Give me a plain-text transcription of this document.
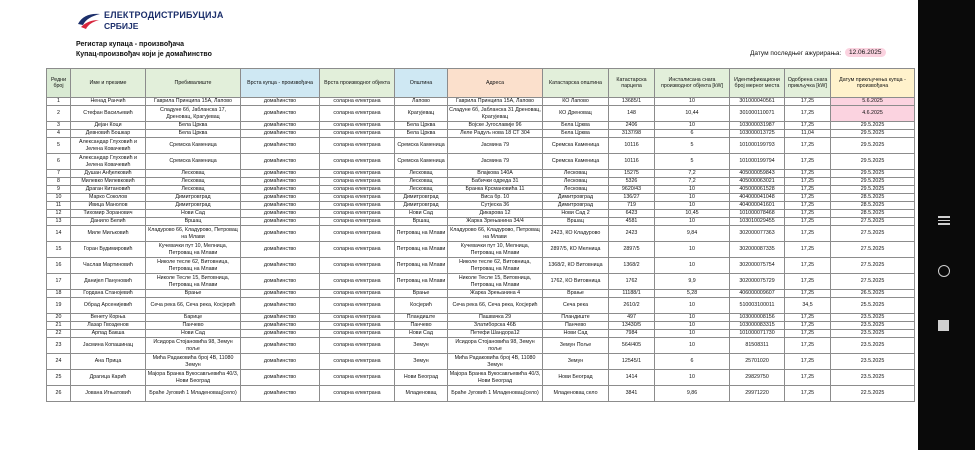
ЕЛЕКТРОДИСТРИБУЦИЈА
СРБИЈЕ
Регистар купаца - произвођача
Купац-произвођач који је домаћинство	Датум последњег ажурирања:	12.06.2025
Редни број	Име и презиме	Пребивалиште	Врста купца - произвођача	Врста производног објекта	Општина	Адреса	Катастарска општина	Катастарска парцела	Инсталисана снага производног објекта [kW]	Идентификациони број мерног места	Одобрена снага прикључка [kW]	Датум прикључења купца - произвођача
1	Ненад Ранчић	Гаврила Принципа 15А, Лапово	домаћинство	соларна електрана	Лапово	Гаврила Принципа 15А, Лапово	КО Лапово	13685/1	10	301000040561	17,25	5.6.2025
2	Стефан Васиљевић	Сладуне 6б, Јабланска 17, Дреновац, Крагујевац	домаћинство	соларна електрана	Крагујевац	Сладуне 6б, Јабланска 31 Дреновац, Крагујевац	КО Дреновац	148	10,44	301000110071	17,25	4.6.2025
3	Дејан Коци	Бела Црква	домаћинство	соларна електрана	Бела Црква	Војске Југославије 96	Бела Црква	2406	10	103000031987	17,25	29.5.2025
4	Девновић Бошкар	Бела Црква	домаћинство	соларна електрана	Бела Црква	Леле Радуљ нова 18 СТ 304	Бела Црква	3137/98	6	103000013725	11,04	29.5.2025
5	Александар Глуховић и Јелена Ковачевић	Сремска Каменица	домаћинство	соларна електрана	Сремска Каменица	Јасмина 79	Сремска Каменица	10116	5	101000199793	17,25	29.5.2025
6	Александар Глуховић и Јелена Ковачевић	Сремска Каменица	домаћинство	соларна електрана	Сремска Каменица	Јасмина 79	Сремска Каменица	10116	5	101000199794	17,25	29.5.2025
7	Душан Анђелковић	Лесковац	домаћинство	соларна електрана	Лесковац	Влајкова 140А	Лесковац	15275	7,2	405000059843	17,25	29.5.2025
8	Милевко Милевковић	Лесковац	домаћинство	соларна електрана	Лесковац	Бабички одреда 31	Лесковац	5326	7,2	405000063021	17,25	29.5.2025
9	Драган Китановић	Лесковац	домаћинство	соларна електрана	Лесковац	Бранка Крсмановића 11	Лесковац	9620/43	10	405000061528	17,25	29.5.2025
10	Марко Соколов	Димитровград	домаћинство	соларна електрана	Димитровград	Виса бр. 10	Димитровград	136/27	10	404000041048	17,25	28.5.2025
11	Ивица Манолов	Димитровград	домаћинство	соларна електрана	Димитровград	Сутјеска 36	Димитровград	719	10	404000041601	17,25	28.5.2025
12	Тихомир Зоранович	Нови Сад	домаћинство	соларна електрана	Нови Сад	Дикарова 12	Нови Сад 2	6423	10,45	101000078468	17,25	28.5.2025
13	Данило Белић	Вршац	домаћинство	соларна електрана	Вршац	Жарка Зрењанина 34/4	Вршац	4581	10	103010029455	17,25	27.5.2025
14	Миле Миљковић	Кладурово 66, Кладурово, Петровац на Млави	домаћинство	соларна електрана	Петровац на Млави	Кладурово 66, Кладурово, Петровац на Млави	2423, КО Кладурово	2423	9,84	302000077363	17,25	27.5.2025
15	Горан Будимировић	Кучевачки пут 10, Мелница, Петровац на Млави	домаћинство	соларна електрана	Петровац на Млави	Кучевачки пут 10, Мелница, Петровац на Млави	2897/5, КО Мелница	2897/5	10	302000087335	17,25	27.5.2025
16	Часлав Мартиновић	Николе тесле 62, Витовница, Петровац на Млави	домаћинство	соларна електрана	Петровац на Млави	Николе тесле 62, Витовница, Петровац на Млави	1368/2, КО Витовница	1368/2	10	302000075754	17,25	27.5.2025
17	Данијел Пануновић	Николе Тесле 15, Витовница, Петровац на Млави	домаћинство	соларна електрана	Петровац на Млави	Николе Тесле 15, Витовница, Петровац на Млави	1762, КО Витовница	1762	9,9	302000075729	17,25	27.5.2025
18	Гордана Станојевић	Врање	домаћинство	соларна електрана	Врање	Жарка Зрењанина 4	Врање	11188/1	5,28	406000009607	17,25	26.5.2025
19	Обрад Арсенијевић	Сеча река 66, Сеча река, Косјерић	домаћинство	соларна електрана	Косјерић	Сеча река 66, Сеча река, Косјерић	Сеча река	2610/2	10	510003100011	34,5	25.5.2025
20	Венету Корња	Барице	домаћинство	соларна електрана	Пландиште	Пашвачка 29	Пландиште	497	10	103000008156	17,25	23.5.2025
21	Лазар Гвозденов	Панчево	домаћинство	соларна електрана	Панчево	Златиборска 46Б	Панчево	13430/5	10	103000083315	17,25	23.5.2025
22	Арпад Бакша	Нови Сад	домаћинство	соларна електрана	Нови Сад	Петефи Шандора12	Нови Сад	7984	10	101000071730	17,25	23.5.2025
23	Јасмина Копашинац	Исидора Стојановића 98, Земун поље	домаћинство	соларна електрана	Земун	Исидора Стојановића 98, Земун поље	Земун Поље	564/405	10	81508311	17,25	23.5.2025
24	Ана Прица	Мића Радаковића број 4В, 11080 Земун	домаћинство	соларна електрана	Земун	Мића Радаковића број 4В, 11080 Земун	Земун	12545/1	6	25701020	17,25	23.5.2025
25	Драгица Карић	Мајора Бранка Вукосављевића 40/3, Нови Београд	домаћинство	соларна електрана	Нови Београд	Мајора Бранка Вукосављевића 40/3, Нови Београд	Нови Београд	1414	10	29829750	17,25	23.5.2025
26	Јована Игњатовић	Браће Југовић 1 Младеновац(село)	домаћинство	соларна електрана	Младеновац	Браће Југовић 1 Младеновац(село)	Младеновац село	3841	9,86	29971220	17,25	22.5.2025
